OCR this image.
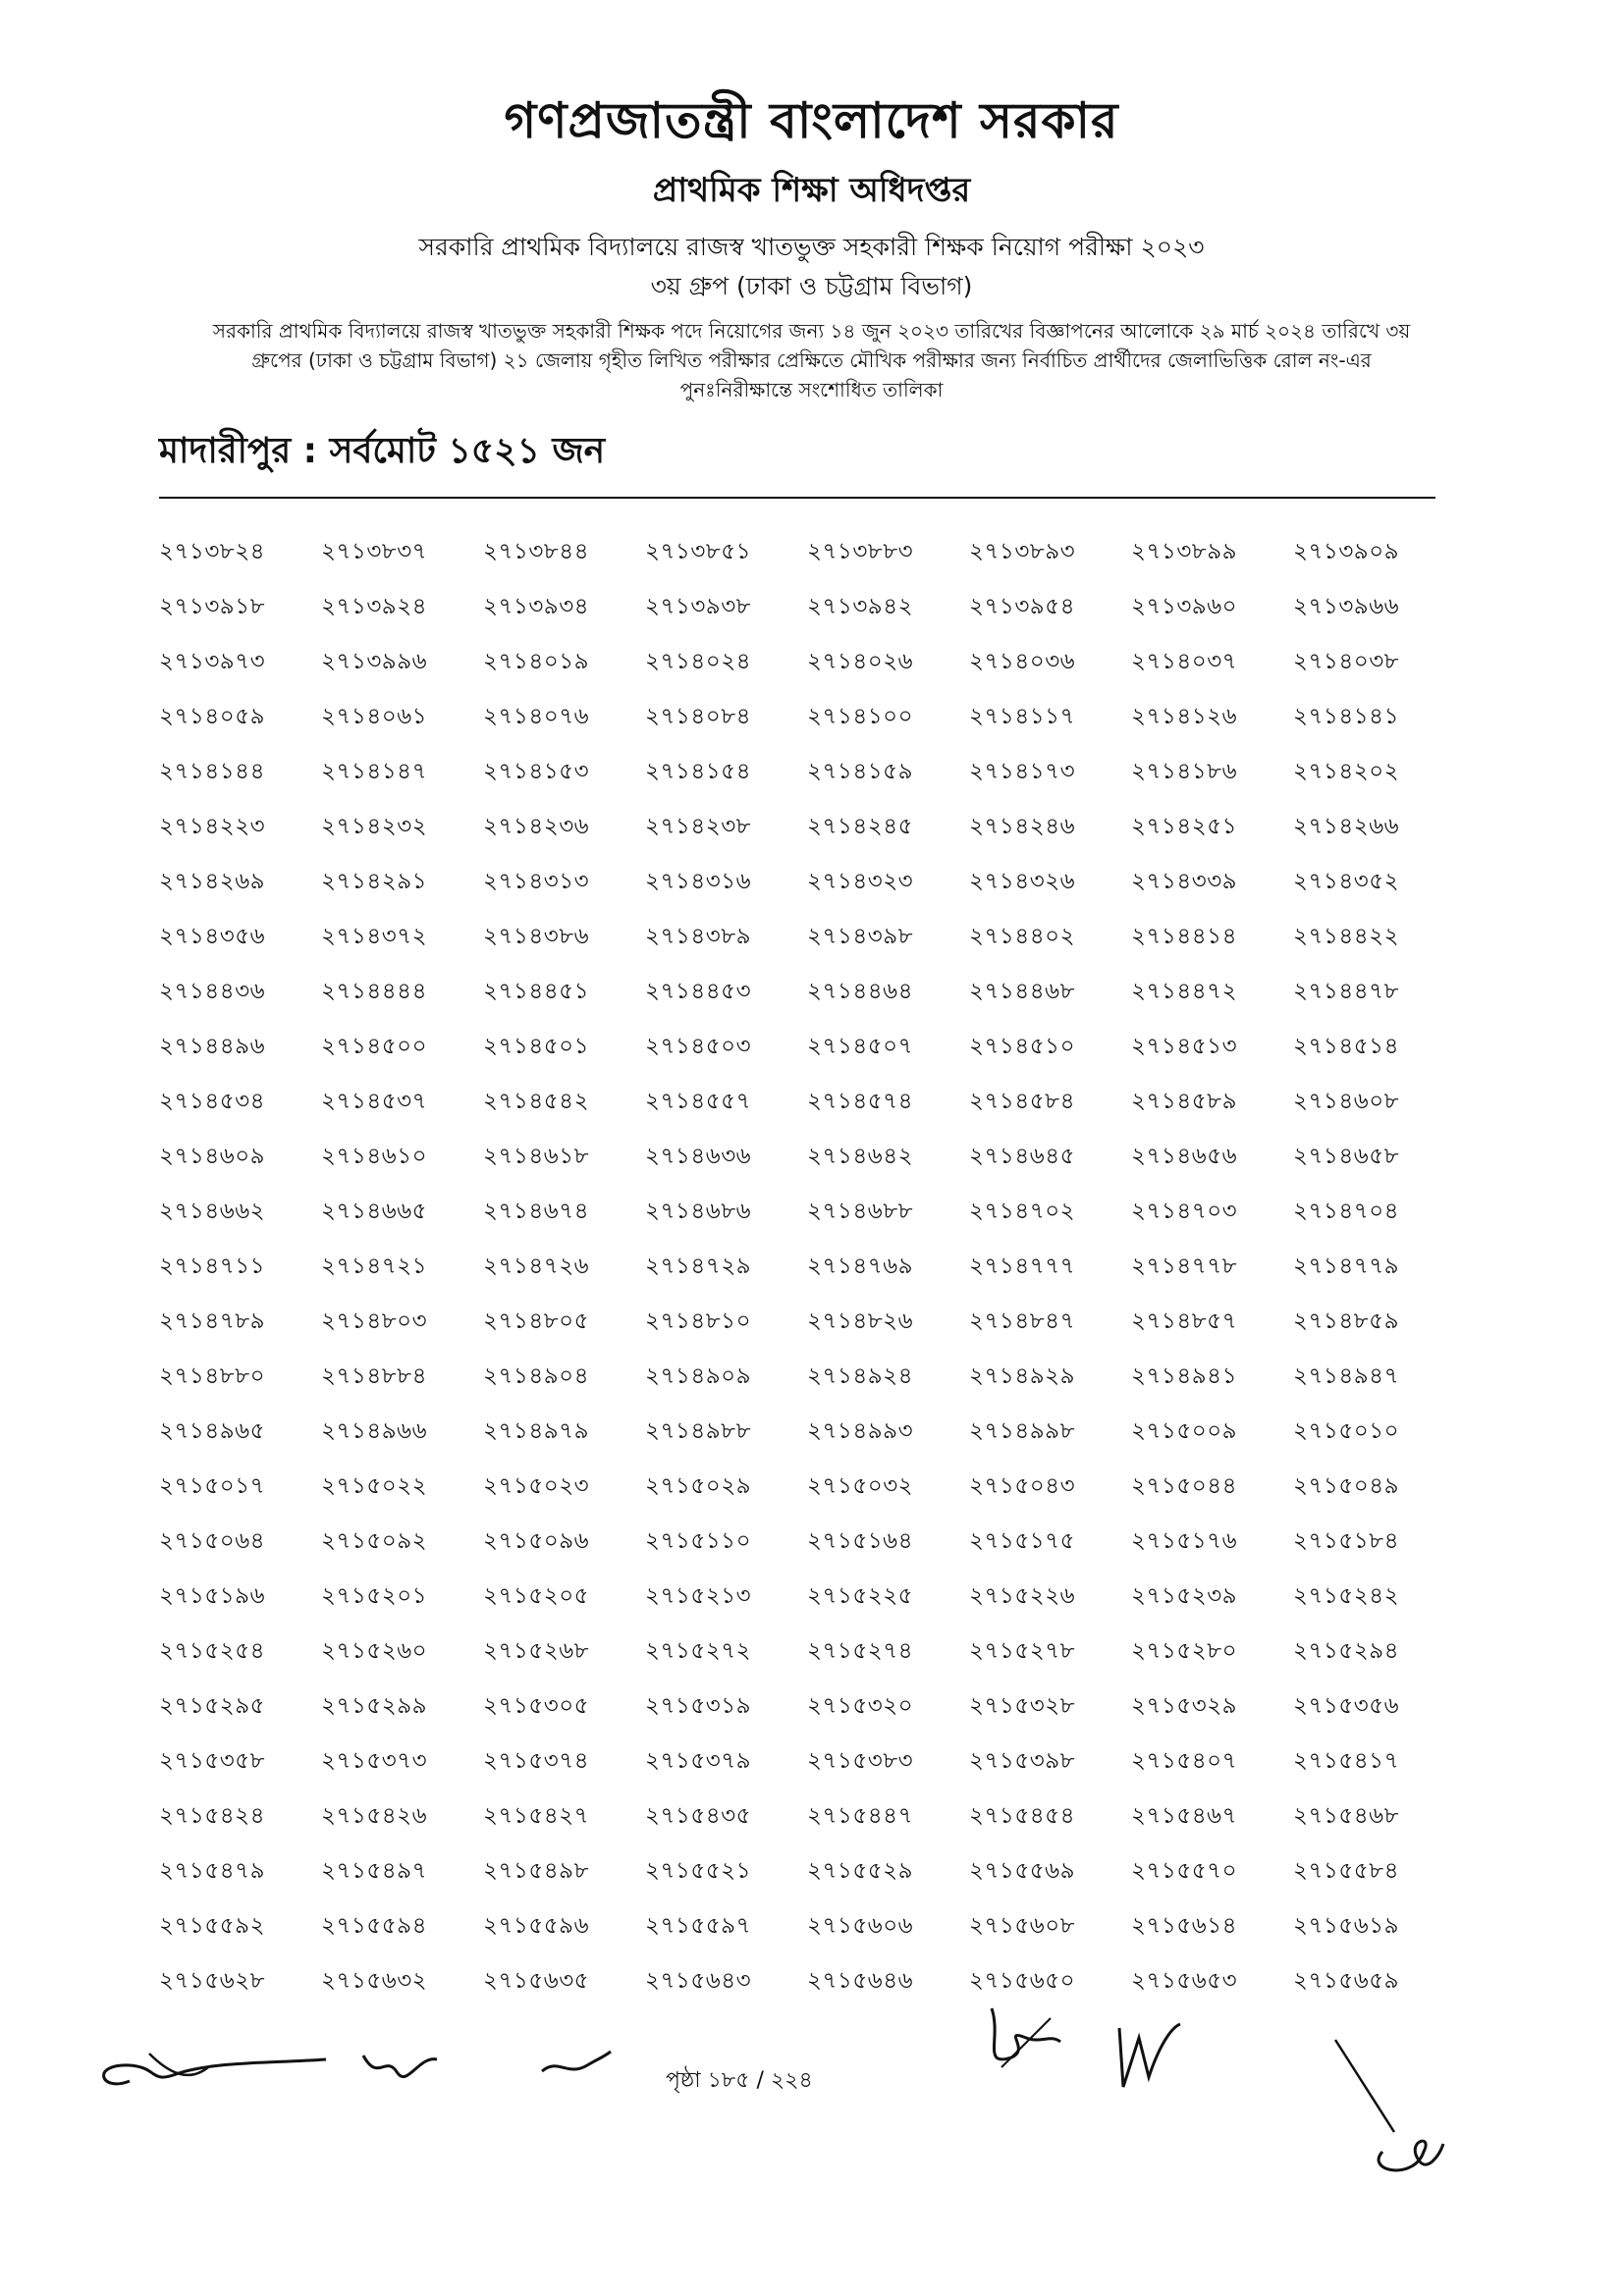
গণপ্রজাতন্ত্রী বাংলাদেশ সরকার
প্রাথমিক শিক্ষা অধিদপ্তর
সরকারি প্রাথমিক বিদ্যালয়ে রাজস্ব খাতভুক্ত সহকারী শিক্ষক নিয়োগ পরীক্ষা ২০২৩
৩য় গ্রুপ (ঢাকা ও চট্টগ্রাম বিভাগ)
সরকারি প্রাথমিক বিদ্যালয়ে রাজস্ব খাতভুক্ত সহকারী শিক্ষক পদে নিয়োগের জন্য ১৪ জুন ২০২৩ তারিখের বিজ্ঞাপনের আলোকে ২৯ মার্চ ২০২৪ তারিখে ৩য় গ্রুপের (ঢাকা ও চট্টগ্রাম বিভাগ) ২১ জেলায় গৃহীত লিখিত পরীক্ষার প্রেক্ষিতে মৌখিক পরীক্ষার জন্য নির্বাচিত প্রার্থীদের জেলাভিত্তিক রোল নং-এর পুনঃনিরীক্ষান্তে সংশোধিত তালিকা
মাদারীপুর : সর্বমোট ১৫২১ জন
২৭১৩৮২৪	২৭১৩৮৩৭	২৭১৩৮৪৪	২৭১৩৮৫১	২৭১৩৮৮৩	২৭১৩৮৯৩	২৭১৩৮৯৯	২৭১৩৯০৯
২৭১৩৯১৮	২৭১৩৯২৪	২৭১৩৯৩৪	২৭১৩৯৩৮	২৭১৩৯৪২	২৭১৩৯৫৪	২৭১৩৯৬০	২৭১৩৯৬৬
২৭১৩৯৭৩	২৭১৩৯৯৬	২৭১৪০১৯	২৭১৪০২৪	২৭১৪০২৬	২৭১৪০৩৬	২৭১৪০৩৭	২৭১৪০৩৮
২৭১৪০৫৯	২৭১৪০৬১	২৭১৪০৭৬	২৭১৪০৮৪	২৭১৪১০০	২৭১৪১১৭	২৭১৪১২৬	২৭১৪১৪১
২৭১৪১৪৪	২৭১৪১৪৭	২৭১৪১৫৩	২৭১৪১৫৪	২৭১৪১৫৯	২৭১৪১৭৩	২৭১৪১৮৬	২৭১৪২০২
২৭১৪২২৩	২৭১৪২৩২	২৭১৪২৩৬	২৭১৪২৩৮	২৭১৪২৪৫	২৭১৪২৪৬	২৭১৪২৫১	২৭১৪২৬৬
২৭১৪২৬৯	২৭১৪২৯১	২৭১৪৩১৩	২৭১৪৩১৬	২৭১৪৩২৩	২৭১৪৩২৬	২৭১৪৩৩৯	২৭১৪৩৫২
২৭১৪৩৫৬	২৭১৪৩৭২	২৭১৪৩৮৬	২৭১৪৩৮৯	২৭১৪৩৯৮	২৭১৪৪০২	২৭১৪৪১৪	২৭১৪৪২২
২৭১৪৪৩৬	২৭১৪৪৪৪	২৭১৪৪৫১	২৭১৪৪৫৩	২৭১৪৪৬৪	২৭১৪৪৬৮	২৭১৪৪৭২	২৭১৪৪৭৮
২৭১৪৪৯৬	২৭১৪৫০০	২৭১৪৫০১	২৭১৪৫০৩	২৭১৪৫০৭	২৭১৪৫১০	২৭১৪৫১৩	২৭১৪৫১৪
২৭১৪৫৩৪	২৭১৪৫৩৭	২৭১৪৫৪২	২৭১৪৫৫৭	২৭১৪৫৭৪	২৭১৪৫৮৪	২৭১৪৫৮৯	২৭১৪৬০৮
২৭১৪৬০৯	২৭১৪৬১০	২৭১৪৬১৮	২৭১৪৬৩৬	২৭১৪৬৪২	২৭১৪৬৪৫	২৭১৪৬৫৬	২৭১৪৬৫৮
২৭১৪৬৬২	২৭১৪৬৬৫	২৭১৪৬৭৪	২৭১৪৬৮৬	২৭১৪৬৮৮	২৭১৪৭০২	২৭১৪৭০৩	২৭১৪৭০৪
২৭১৪৭১১	২৭১৪৭২১	২৭১৪৭২৬	২৭১৪৭২৯	২৭১৪৭৬৯	২৭১৪৭৭৭	২৭১৪৭৭৮	২৭১৪৭৭৯
২৭১৪৭৮৯	২৭১৪৮০৩	২৭১৪৮০৫	২৭১৪৮১০	২৭১৪৮২৬	২৭১৪৮৪৭	২৭১৪৮৫৭	২৭১৪৮৫৯
২৭১৪৮৮০	২৭১৪৮৮৪	২৭১৪৯০৪	২৭১৪৯০৯	২৭১৪৯২৪	২৭১৪৯২৯	২৭১৪৯৪১	২৭১৪৯৪৭
২৭১৪৯৬৫	২৭১৪৯৬৬	২৭১৪৯৭৯	২৭১৪৯৮৮	২৭১৪৯৯৩	২৭১৪৯৯৮	২৭১৫০০৯	২৭১৫০১০
২৭১৫০১৭	২৭১৫০২২	২৭১৫০২৩	২৭১৫০২৯	২৭১৫০৩২	২৭১৫০৪৩	২৭১৫০৪৪	২৭১৫০৪৯
২৭১৫০৬৪	২৭১৫০৯২	২৭১৫০৯৬	২৭১৫১১০	২৭১৫১৬৪	২৭১৫১৭৫	২৭১৫১৭৬	২৭১৫১৮৪
২৭১৫১৯৬	২৭১৫২০১	২৭১৫২০৫	২৭১৫২১৩	২৭১৫২২৫	২৭১৫২২৬	২৭১৫২৩৯	২৭১৫২৪২
২৭১৫২৫৪	২৭১৫২৬০	২৭১৫২৬৮	২৭১৫২৭২	২৭১৫২৭৪	২৭১৫২৭৮	২৭১৫২৮০	২৭১৫২৯৪
২৭১৫২৯৫	২৭১৫২৯৯	২৭১৫৩০৫	২৭১৫৩১৯	২৭১৫৩২০	২৭১৫৩২৮	২৭১৫৩২৯	২৭১৫৩৫৬
২৭১৫৩৫৮	২৭১৫৩৭৩	২৭১৫৩৭৪	২৭১৫৩৭৯	২৭১৫৩৮৩	২৭১৫৩৯৮	২৭১৫৪০৭	২৭১৫৪১৭
২৭১৫৪২৪	২৭১৫৪২৬	২৭১৫৪২৭	২৭১৫৪৩৫	২৭১৫৪৪৭	২৭১৫৪৫৪	২৭১৫৪৬৭	২৭১৫৪৬৮
২৭১৫৪৭৯	২৭১৫৪৯৭	২৭১৫৪৯৮	২৭১৫৫২১	২৭১৫৫২৯	২৭১৫৫৬৯	২৭১৫৫৭০	২৭১৫৫৮৪
২৭১৫৫৯২	২৭১৫৫৯৪	২৭১৫৫৯৬	২৭১৫৫৯৭	২৭১৫৬০৬	২৭১৫৬০৮	২৭১৫৬১৪	২৭১৫৬১৯
২৭১৫৬২৮	২৭১৫৬৩২	২৭১৫৬৩৫	২৭১৫৬৪৩	২৭১৫৬৪৬	২৭১৫৬৫০	২৭১৫৬৫৩	২৭১৫৬৫৯
পৃষ্ঠা ১৮৫ / ২২৪
